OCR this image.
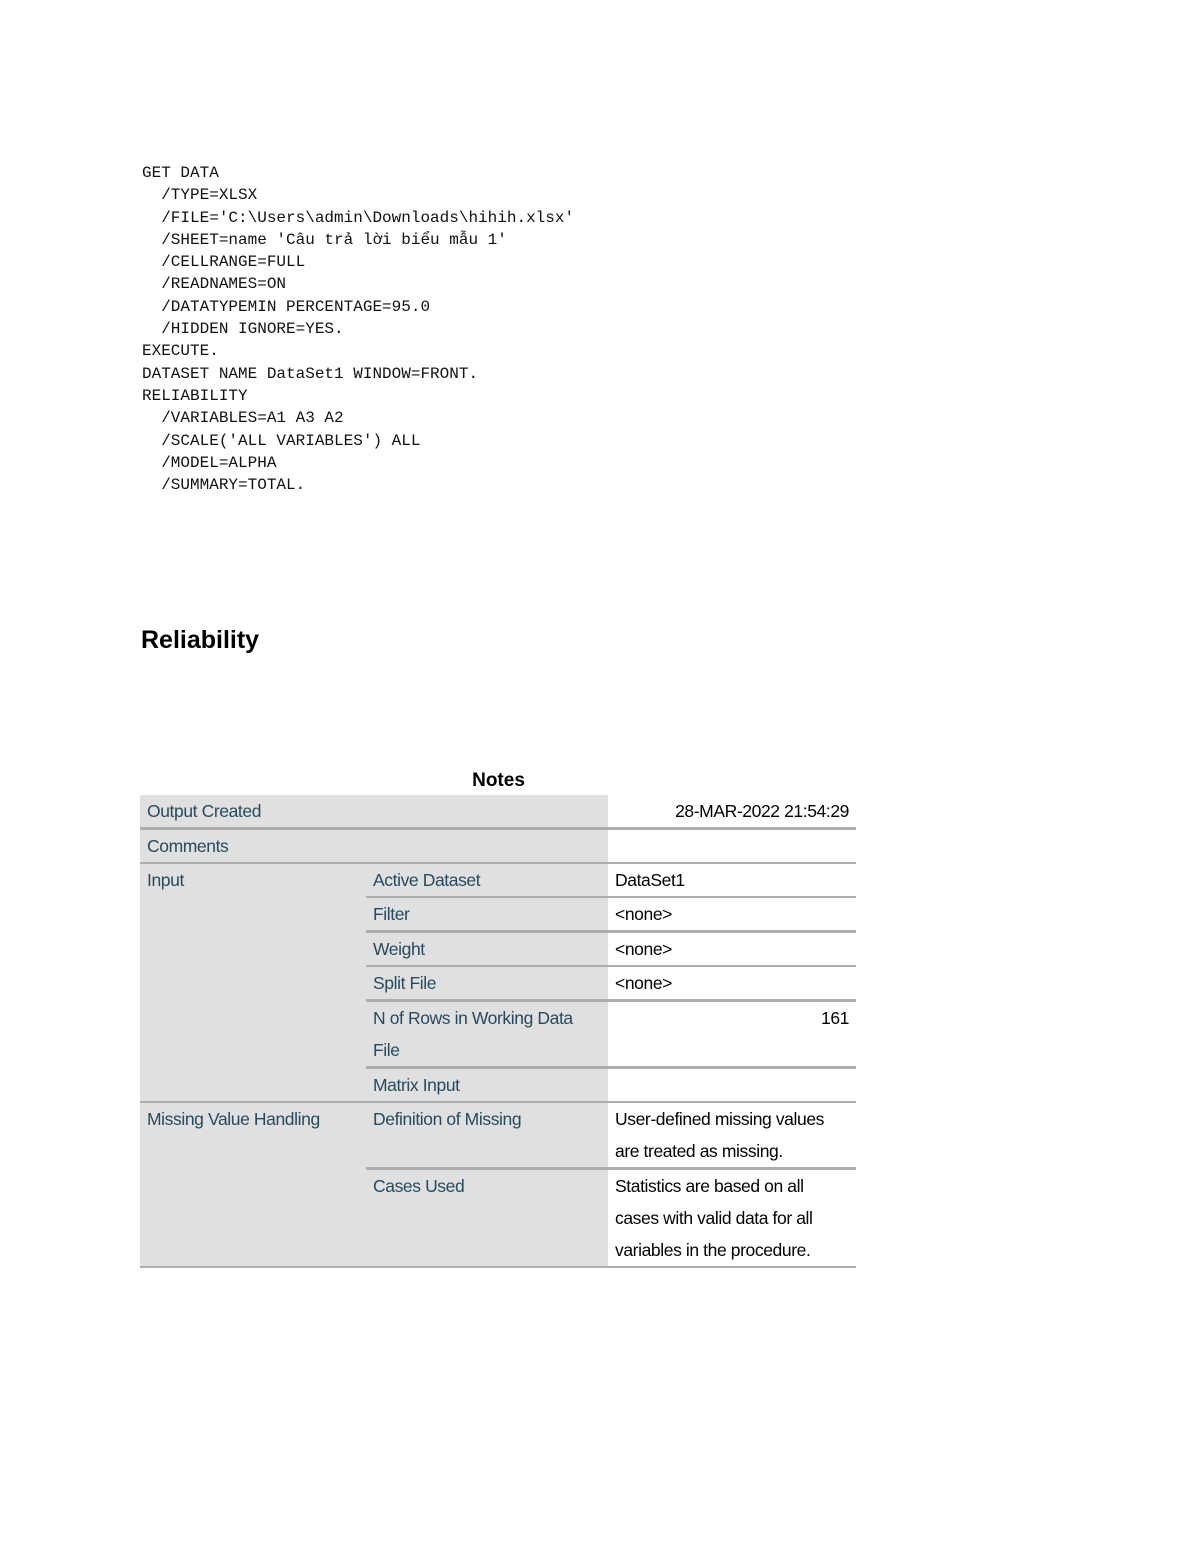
GET DATA
/TYPE=XLSX
/FILE='C:\Users\admin\Downloads\hihih.xlsx'
/SHEET=name 'Câu trả lời biểu mẫu 1'
/CELLRANGE=FULL
/READNAMES=ON
/DATATYPEMIN PERCENTAGE=95.0
/HIDDEN IGNORE=YES.
EXECUTE.
DATASET NAME DataSet1 WINDOW=FRONT.
RELIABILITY
/VARIABLES=A1 A3 A2
/SCALE('ALL VARIABLES') ALL
/MODEL=ALPHA
/SUMMARY=TOTAL.
Reliability
Notes
Output Created		28-MAR-2022 21:54:29
Comments		
Input	Active Dataset	DataSet1
	Filter	<none>
	Weight	<none>
	Split File	<none>
	N of Rows in Working Data File	161
	Matrix Input	
Missing Value Handling	Definition of Missing	User-defined missing values are treated as missing.
	Cases Used	Statistics are based on all cases with valid data for all variables in the procedure.
